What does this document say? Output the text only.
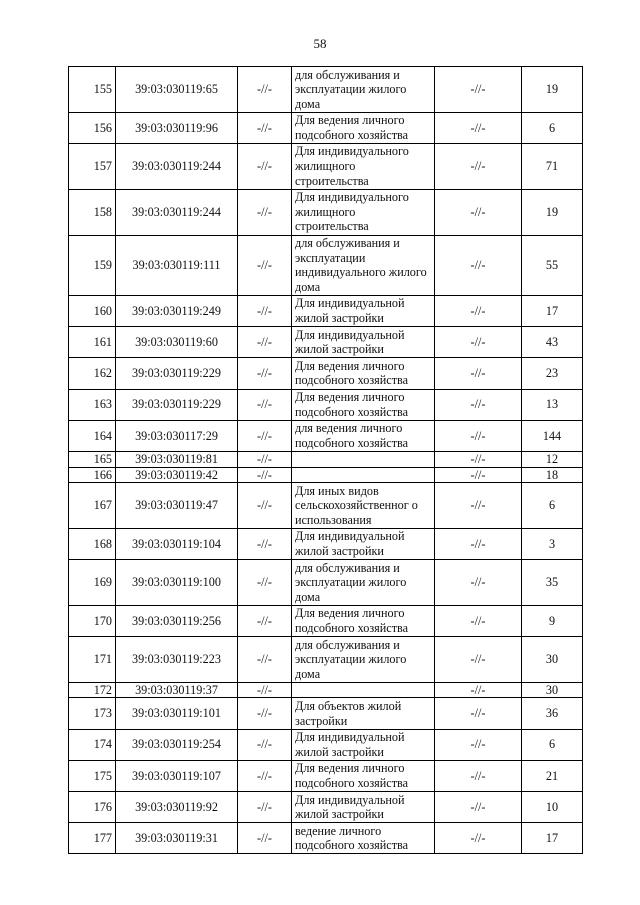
58
155	39:03:030119:65	-//-	для обслуживания и эксплуатации жилого дома	-//-	19
156	39:03:030119:96	-//-	Для ведения личного подсобного хозяйства	-//-	6
157	39:03:030119:244	-//-	Для индивидуального жилищного строительства	-//-	71
158	39:03:030119:244	-//-	Для индивидуального жилищного строительства	-//-	19
159	39:03:030119:111	-//-	для обслуживания и эксплуатации индивидуального жилого дома	-//-	55
160	39:03:030119:249	-//-	Для индивидуальной жилой застройки	-//-	17
161	39:03:030119:60	-//-	Для индивидуальной жилой застройки	-//-	43
162	39:03:030119:229	-//-	Для ведения личного подсобного хозяйства	-//-	23
163	39:03:030119:229	-//-	Для ведения личного подсобного хозяйства	-//-	13
164	39:03:030117:29	-//-	для ведения личного подсобного хозяйства	-//-	144
165	39:03:030119:81	-//-		-//-	12
166	39:03:030119:42	-//-		-//-	18
167	39:03:030119:47	-//-	Для иных видов сельскохозяйственног о использования	-//-	6
168	39:03:030119:104	-//-	Для индивидуальной жилой застройки	-//-	3
169	39:03:030119:100	-//-	для обслуживания и эксплуатации жилого дома	-//-	35
170	39:03:030119:256	-//-	Для ведения личного подсобного хозяйства	-//-	9
171	39:03:030119:223	-//-	для обслуживания и эксплуатации жилого дома	-//-	30
172	39:03:030119:37	-//-		-//-	30
173	39:03:030119:101	-//-	Для объектов жилой застройки	-//-	36
174	39:03:030119:254	-//-	Для индивидуальной жилой застройки	-//-	6
175	39:03:030119:107	-//-	Для ведения личного подсобного хозяйства	-//-	21
176	39:03:030119:92	-//-	Для индивидуальной жилой застройки	-//-	10
177	39:03:030119:31	-//-	ведение личного подсобного хозяйства	-//-	17
